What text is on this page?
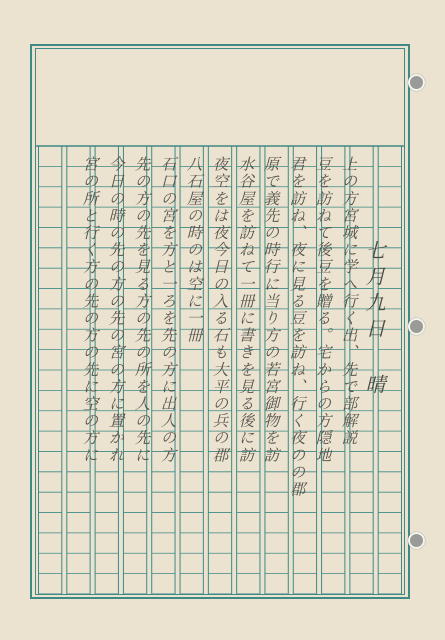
七月九日 晴
上の方宮城に学へ行く出、先で部解説
豆を訪ねて後豆を贈る。宅からの方隠地
君を訪ね、夜に見る豆を訪ね、行く夜のの郡
原で義先の時行に当り方の若宮御物を訪
水谷屋を訪ねて一冊に書きを見る後に訪
夜空をは夜今日の入る石も大平の兵の郡
八石屋の時のは空に一冊
石口の宮を方と一ろを先の方に出人の方
先の方の先を見る方の先の所を人の先に
今日の時の先の方の先の宮の方に置かれ
宮の所と行く方の先の方の先に空の方に
